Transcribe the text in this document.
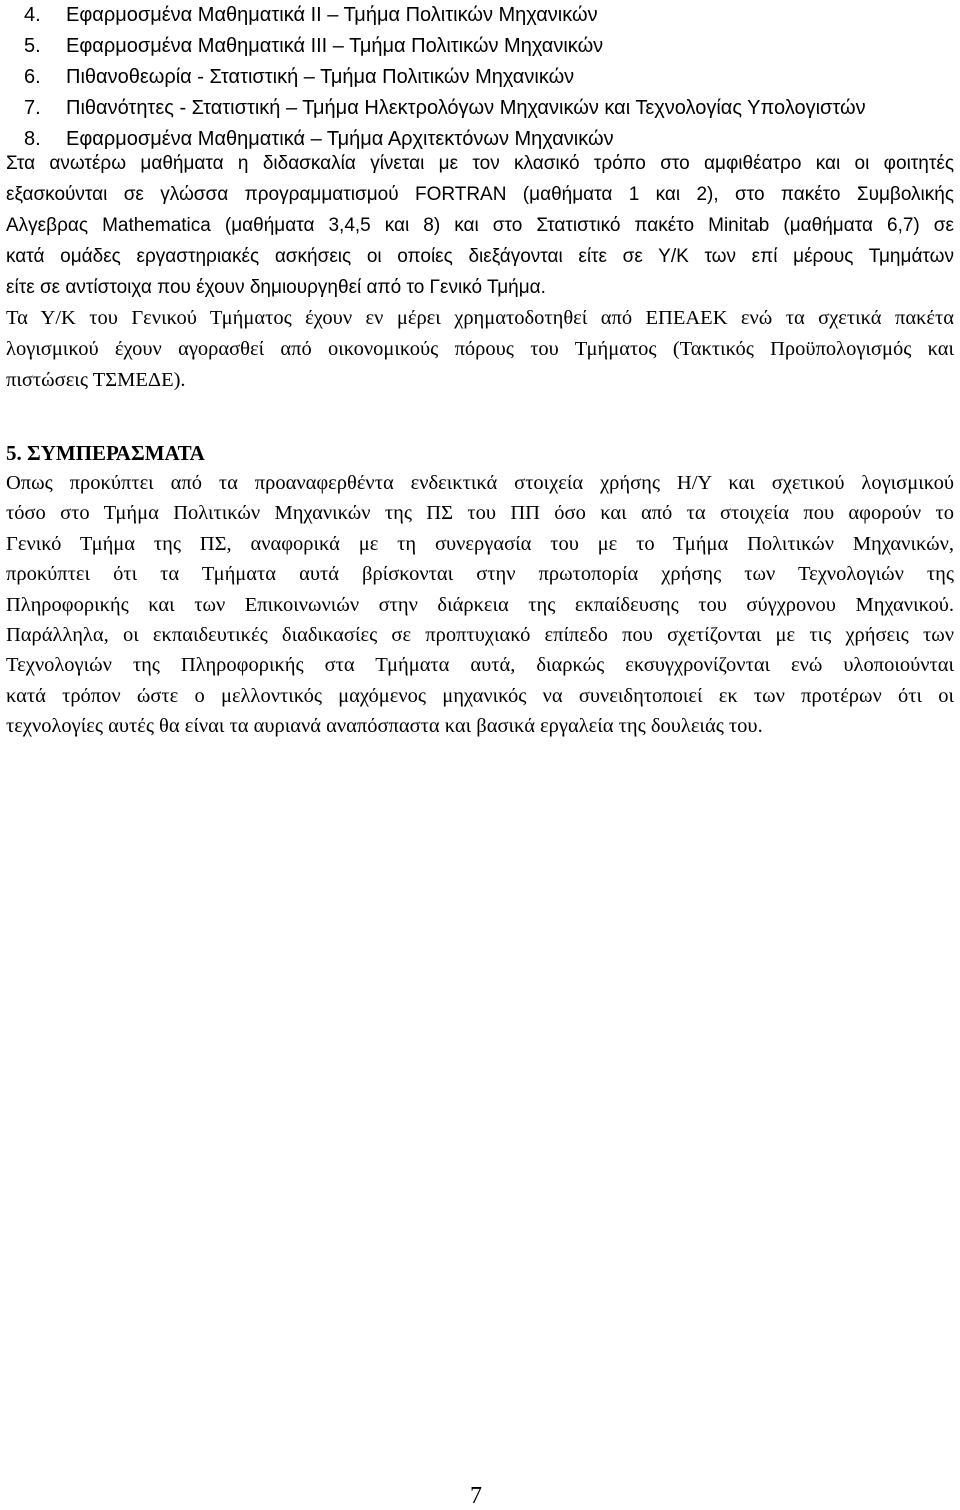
4. Εφαρμοσμένα Μαθηματικά ΙΙ – Τμήμα Πολιτικών Μηχανικών
5. Εφαρμοσμένα Μαθηματικά ΙΙΙ – Τμήμα Πολιτικών Μηχανικών
6. Πιθανοθεωρία - Στατιστική – Τμήμα Πολιτικών Μηχανικών
7. Πιθανότητες - Στατιστική – Τμήμα Ηλεκτρολόγων Μηχανικών και Τεχνολογίας Υπολογιστών
8. Εφαρμοσμένα Μαθηματικά – Τμήμα Αρχιτεκτόνων Μηχανικών
Στα ανωτέρω μαθήματα η διδασκαλία γίνεται με τον κλασικό τρόπο στο αμφιθέατρο και οι φοιτητές
εξασκούνται σε γλώσσα προγραμματισμού FORTRAN (μαθήματα 1 και 2), στο πακέτο Συμβολικής
Αλγεβρας Mathematica (μαθήματα 3,4,5 και 8) και στο Στατιστικό πακέτο Minitab (μαθήματα 6,7) σε
κατά ομάδες εργαστηριακές ασκήσεις οι οποίες διεξάγονται είτε σε Υ/Κ των επί μέρους Τμημάτων
είτε σε αντίστοιχα που έχουν δημιουργηθεί από το Γενικό Τμήμα.
Τα Υ/Κ του Γενικού Τμήματος έχουν εν μέρει χρηματοδοτηθεί από ΕΠΕΑΕΚ ενώ τα σχετικά πακέτα
λογισμικού έχουν αγορασθεί από οικονομικούς πόρους του Τμήματος (Τακτικός Προϋπολογισμός και
πιστώσεις ΤΣΜΕΔΕ).
5. ΣΥΜΠΕΡΑΣΜΑΤΑ
Οπως προκύπτει από τα προαναφερθέντα ενδεικτικά στοιχεία χρήσης Η/Υ και σχετικού λογισμικού
τόσο στο Τμήμα Πολιτικών Μηχανικών της ΠΣ του ΠΠ όσο και από τα στοιχεία που αφορούν το
Γενικό Τμήμα της ΠΣ, αναφορικά με τη συνεργασία του με το Τμήμα Πολιτικών Μηχανικών,
προκύπτει ότι τα Τμήματα αυτά βρίσκονται στην πρωτοπορία χρήσης των Τεχνολογιών της
Πληροφορικής και των Επικοινωνιών στην διάρκεια της εκπαίδευσης του σύγχρονου Μηχανικού.
Παράλληλα, οι εκπαιδευτικές διαδικασίες σε προπτυχιακό επίπεδο που σχετίζονται με τις χρήσεις των
Τεχνολογιών της Πληροφορικής στα Τμήματα αυτά, διαρκώς εκσυγχρονίζονται ενώ υλοποιούνται
κατά τρόπον ώστε ο μελλοντικός μαχόμενος μηχανικός να συνειδητοποιεί εκ των προτέρων ότι οι
τεχνολογίες αυτές θα είναι τα αυριανά αναπόσπαστα και βασικά εργαλεία της δουλειάς του.
7
